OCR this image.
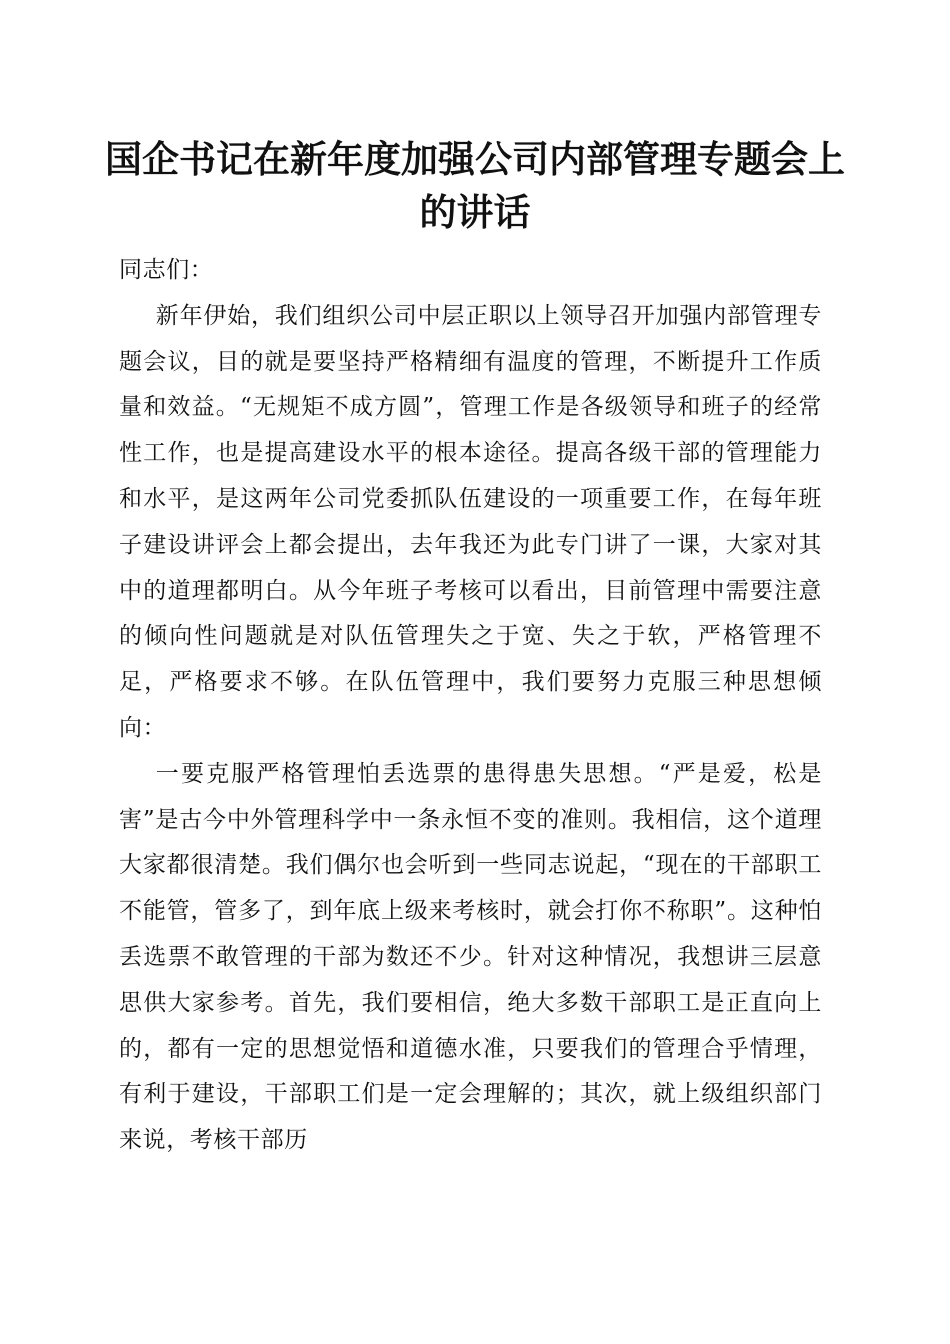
国企书记在新年度加强公司内部管理专题会上的讲话

同志们：

新年伊始，我们组织公司中层正职以上领导召开加强内部管理专题会议，目的就是要坚持严格精细有温度的管理，不断提升工作质量和效益。“无规矩不成方圆”，管理工作是各级领导和班子的经常性工作，也是提高建设水平的根本途径。提高各级干部的管理能力和水平，是这两年公司党委抓队伍建设的一项重要工作，在每年班子建设讲评会上都会提出，去年我还为此专门讲了一课，大家对其中的道理都明白。从今年班子考核可以看出，目前管理中需要注意的倾向性问题就是对队伍管理失之于宽、失之于软，严格管理不足，严格要求不够。在队伍管理中，我们要努力克服三种思想倾向：

一要克服严格管理怕丢选票的患得患失思想。“严是爱，松是害”是古今中外管理科学中一条永恒不变的准则。我相信，这个道理大家都很清楚。我们偶尔也会听到一些同志说起，“现在的干部职工不能管，管多了，到年底上级来考核时，就会打你不称职”。这种怕丢选票不敢管理的干部为数还不少。针对这种情况，我想讲三层意思供大家参考。首先，我们要相信，绝大多数干部职工是正直向上的，都有一定的思想觉悟和道德水准，只要我们的管理合乎情理，有利于建设，干部职工们是一定会理解的；其次，就上级组织部门来说，考核干部历
